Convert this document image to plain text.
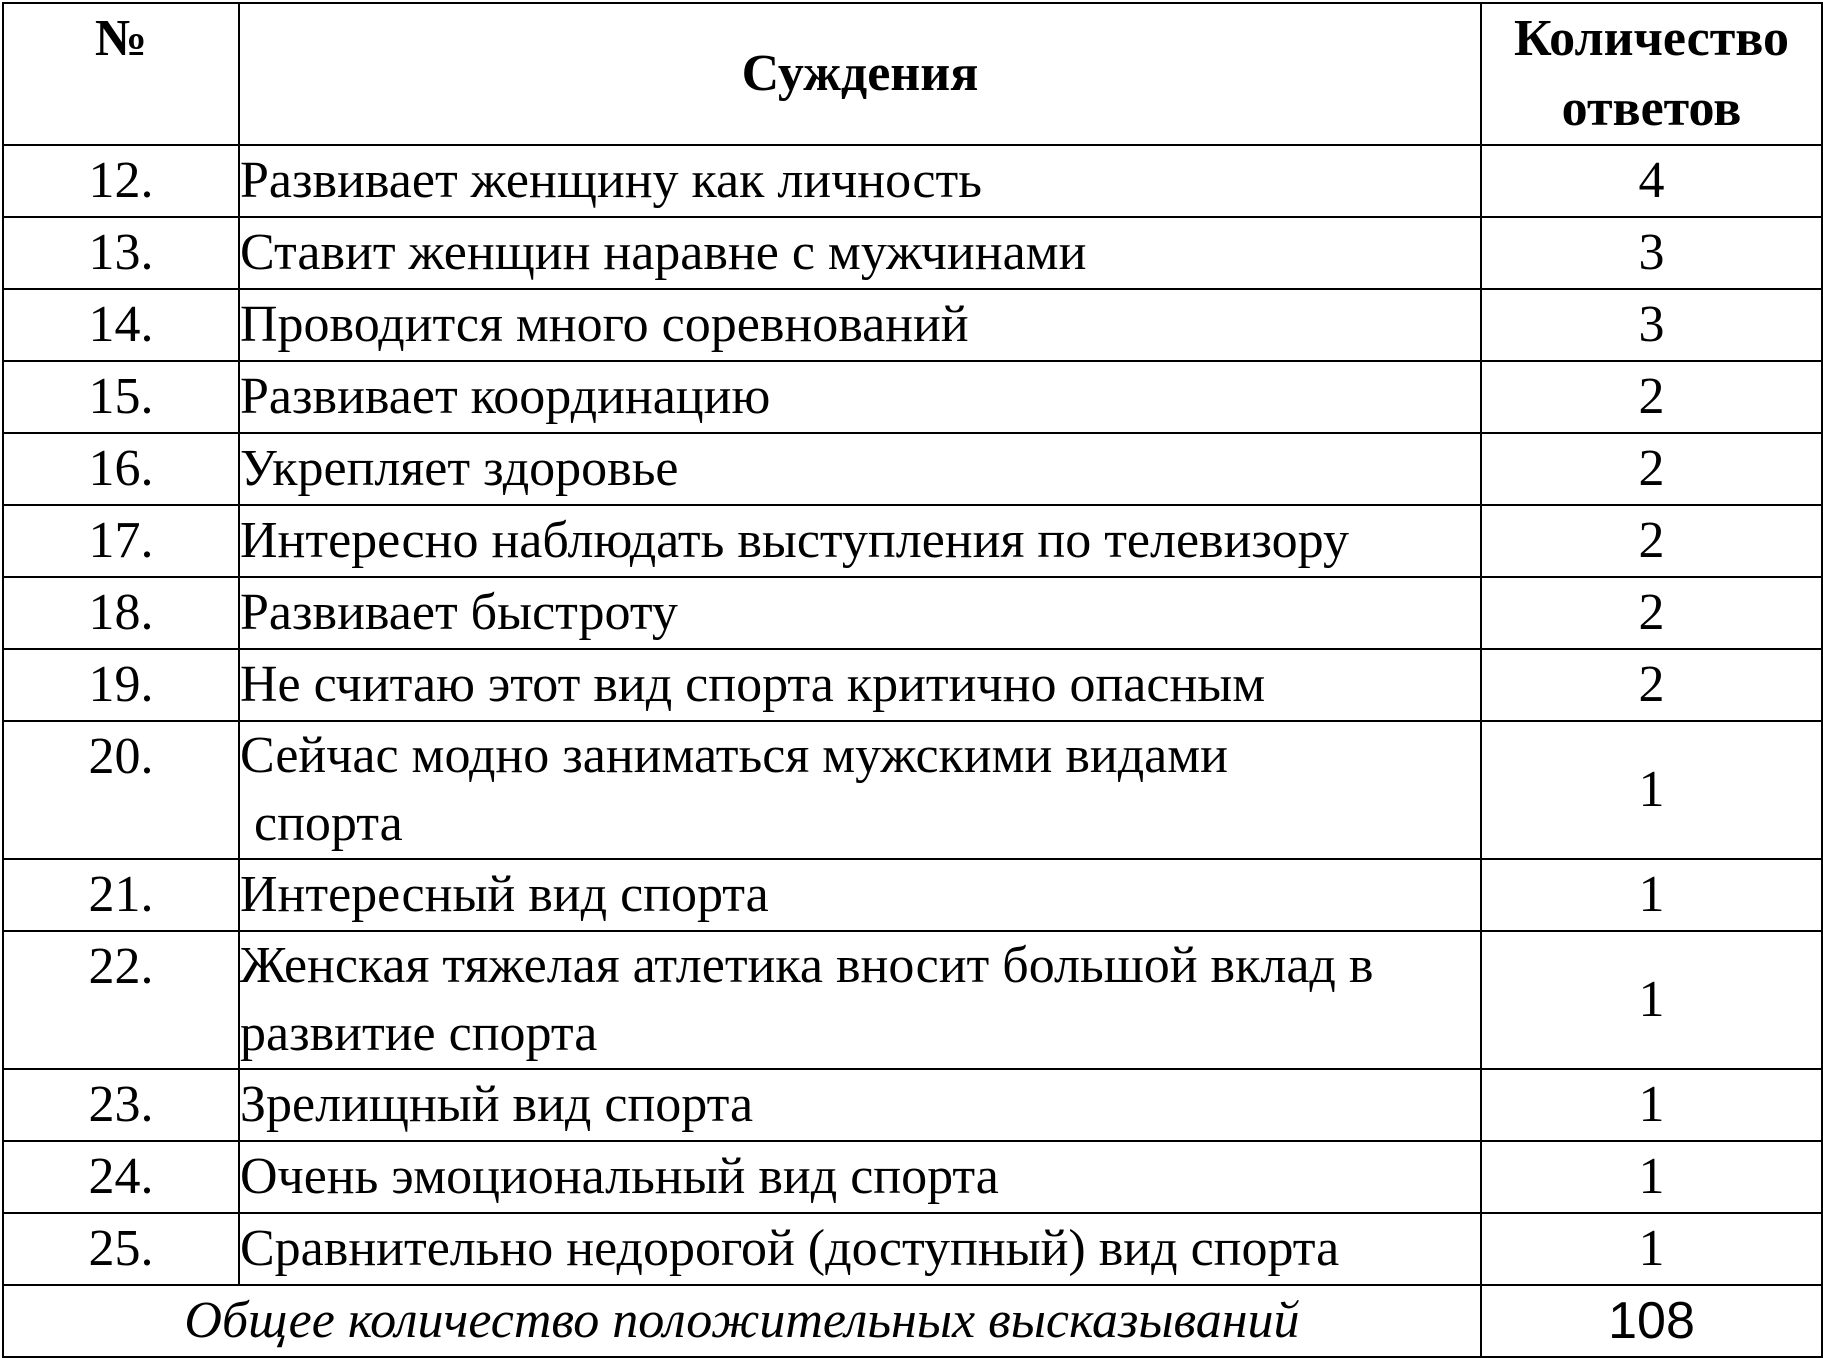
№	Суждения	Количество
ответов
12.	Развивает женщину как личность	4
13.	Ставит женщин наравне с мужчинами	3
14.	Проводится много соревнований	3
15.	Развивает координацию	2
16.	Укрепляет здоровье	2
17.	Интересно наблюдать выступления по телевизору	2
18.	Развивает быстроту	2
19.	Не считаю этот вид спорта критично опасным	2
20.	Сейчас модно заниматься мужскими видами
спорта	1
21.	Интересный вид спорта	1
22.	Женская тяжелая атлетика вносит большой вклад в
развитие спорта	1
23.	Зрелищный вид спорта	1
24.	Очень эмоциональный вид спорта	1
25.	Сравнительно недорогой (доступный) вид спорта	1
Общее количество положительных высказываний		108
